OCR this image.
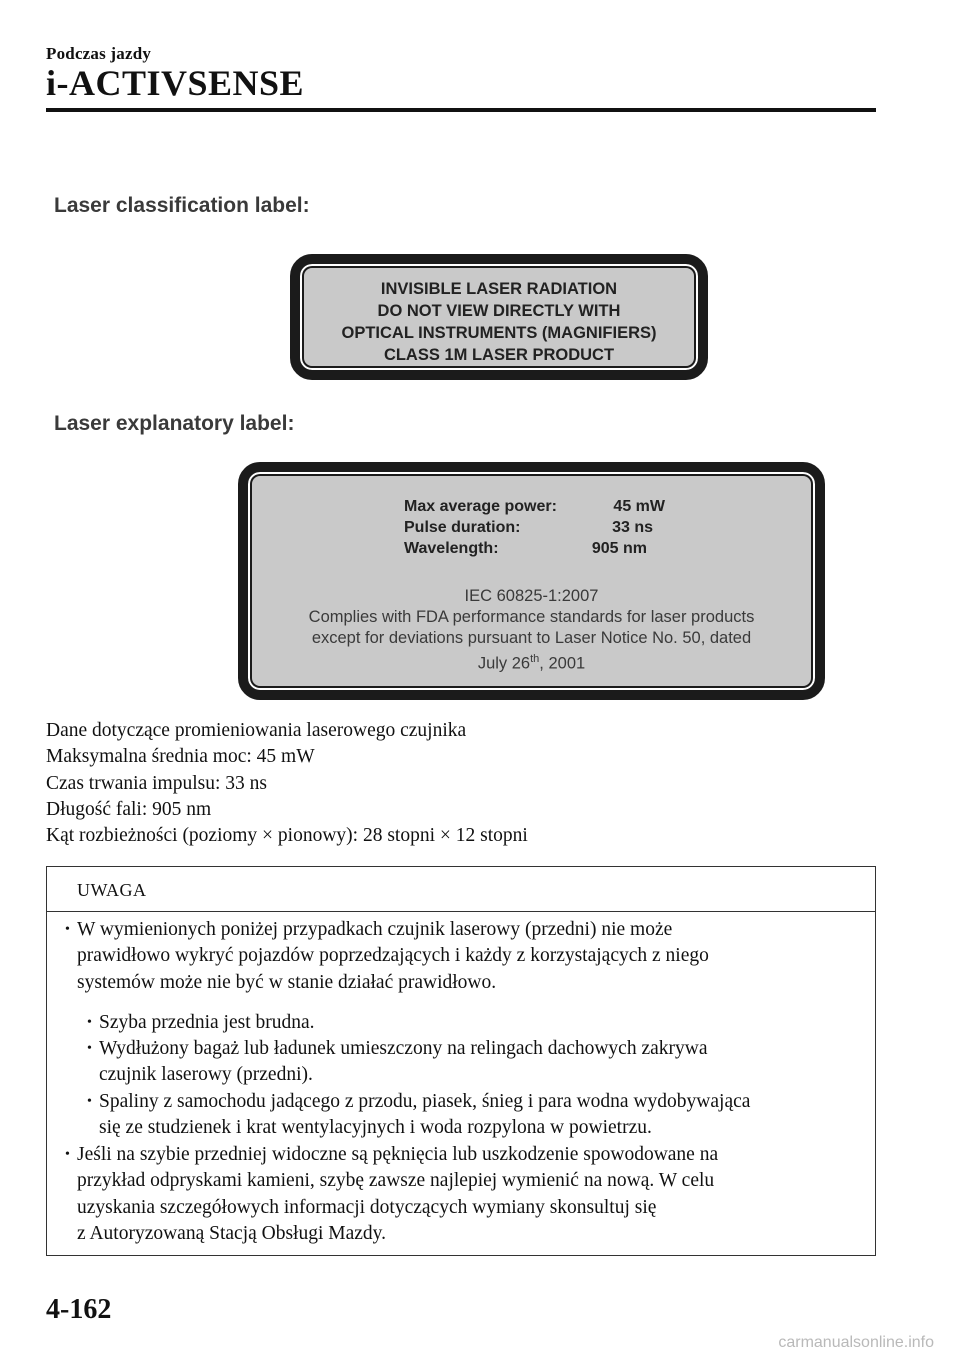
Podczas jazdy
i-ACTIVSENSE
Laser classification label:
INVISIBLE LASER RADIATION
DO NOT VIEW DIRECTLY WITH
OPTICAL INSTRUMENTS (MAGNIFIERS)
CLASS 1M LASER PRODUCT
Laser explanatory label:
Max average power:	45 mW
Pulse duration:	33 ns
Wavelength:	905 nm
IEC 60825-1:2007
Complies with FDA performance standards for laser products
except for deviations pursuant to Laser Notice No. 50, dated
July 26th, 2001
Dane dotyczące promieniowania laserowego czujnika
Maksymalna średnia moc: 45 mW
Czas trwania impulsu: 33 ns
Długość fali: 905 nm
Kąt rozbieżności (poziomy × pionowy): 28 stopni × 12 stopni
UWAGA
• W wymienionych poniżej przypadkach czujnik laserowy (przedni) nie może
prawidłowo wykryć pojazdów poprzedzających i każdy z korzystających z niego
systemów może nie być w stanie działać prawidłowo.
• Szyba przednia jest brudna.
• Wydłużony bagaż lub ładunek umieszczony na relingach dachowych zakrywa
czujnik laserowy (przedni).
• Spaliny z samochodu jadącego z przodu, piasek, śnieg i para wodna wydobywająca
się ze studzienek i krat wentylacyjnych i woda rozpylona w powietrzu.
• Jeśli na szybie przedniej widoczne są pęknięcia lub uszkodzenie spowodowane na
przykład odpryskami kamieni, szybę zawsze najlepiej wymienić na nową. W celu
uzyskania szczegółowych informacji dotyczących wymiany skonsultuj się
z Autoryzowaną Stacją Obsługi Mazdy.
4-162
carmanualsonline.info
